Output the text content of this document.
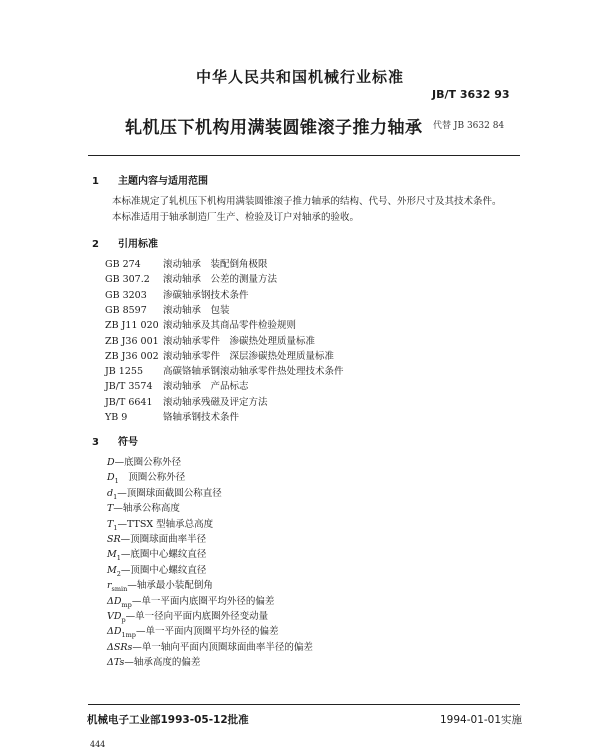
中华人民共和国机械行业标准
JB/T 3632 93
轧机压下机构用满装圆锥滚子推力轴承 代替 JB 3632 84
1 主题内容与适用范围
本标准规定了轧机压下机构用满装圆锥滚子推力轴承的结构、代号、外形尺寸及其技术条件。
本标准适用于轴承制造厂生产、检验及订户对轴承的验收。
2 引用标准
GB 274 滚动轴承　装配倒角极限
GB 307.2 滚动轴承　公差的测量方法
GB 3203 渗碳轴承钢技术条件
GB 8597 滚动轴承　包装
ZB J11 020 滚动轴承及其商品零件检验规则
ZB J36 001 滚动轴承零件　渗碳热处理质量标准
ZB J36 002 滚动轴承零件　深层渗碳热处理质量标准
JB 1255 高碳铬轴承钢滚动轴承零件热处理技术条件
JB/T 3574 滚动轴承　产品标志
JB/T 6641 滚动轴承残磁及评定方法
YB 9	铬轴承钢技术条件
3 符号
D—底圈公称外径
$D_1$　顶圈公称外径
$d_1—$顶圈球面截圆公称直径
T—轴承公称高度
$T_1—TTSX$ 型轴承总高度
SR—顶圈球面曲率半径
$M_1—$底圈中心螺纹直径
$M_2—$顶圈中心螺纹直径
$r_{smin}—$轴承最小装配倒角
$\Delta D_{mp}—$单一平面内底圈平均外径的偏差
$VD_p—$单一径向平面内底圈外径变动量
$\Delta D_{1mp}—$单一平面内顶圈平均外径的偏差
ΔSRs—单一轴向平面内顶圈球面曲率半径的偏差
ΔTs—轴承高度的偏差
机械电子工业部1993-05-12批准	1994-01-01实施
444
